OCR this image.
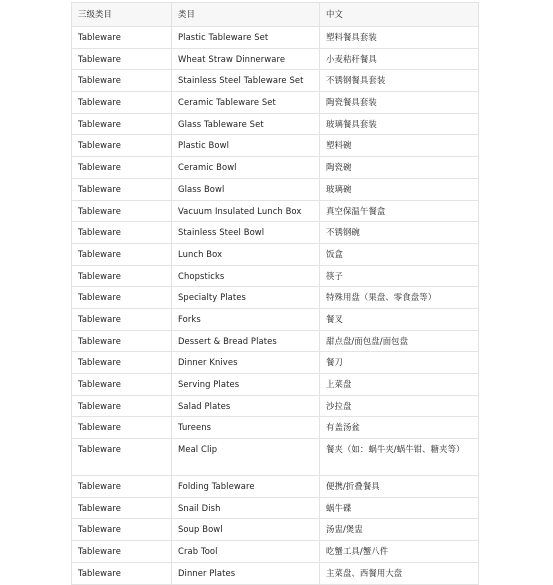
三级类目	类目	中文
Tableware	Plastic Tableware Set	塑料餐具套装
Tableware	Wheat Straw Dinnerware	小麦秸秆餐具
Tableware	Stainless Steel Tableware Set	不锈钢餐具套装
Tableware	Ceramic Tableware Set	陶瓷餐具套装
Tableware	Glass Tableware Set	玻璃餐具套装
Tableware	Plastic Bowl	塑料碗
Tableware	Ceramic Bowl	陶瓷碗
Tableware	Glass Bowl	玻璃碗
Tableware	Vacuum Insulated Lunch Box	真空保温午餐盒
Tableware	Stainless Steel Bowl	不锈钢碗
Tableware	Lunch Box	饭盒
Tableware	Chopsticks	筷子
Tableware	Specialty Plates	特殊用盘（果盘、零食盘等）
Tableware	Forks	餐叉
Tableware	Dessert & Bread Plates	甜点盘/面包盘/面包盘
Tableware	Dinner Knives	餐刀
Tableware	Serving Plates	上菜盘
Tableware	Salad Plates	沙拉盘
Tableware	Tureens	有盖汤盆
Tableware	Meal Clip	餐夹（如：蜗牛夹/蜗牛钳、糖夹等）
Tableware	Folding Tableware	便携/折叠餐具
Tableware	Snail Dish	蜗牛碟
Tableware	Soup Bowl	汤盅/煲盅
Tableware	Crab Tool	吃蟹工具/蟹八件
Tableware	Dinner Plates	主菜盘、西餐用大盘
